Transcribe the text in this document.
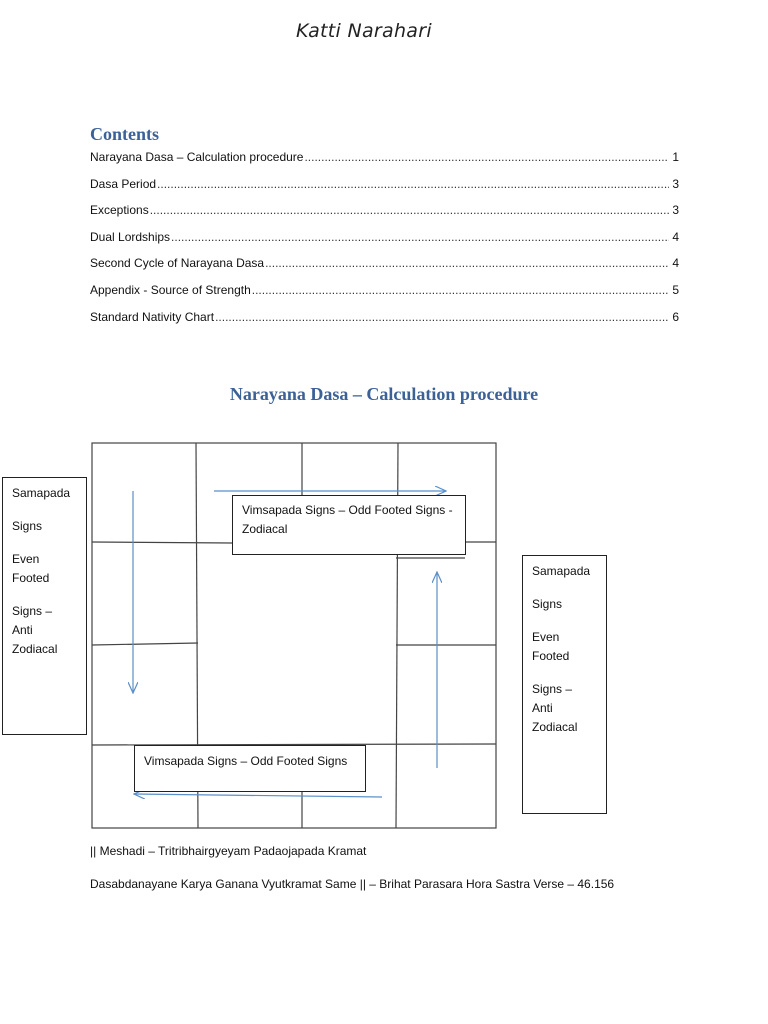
Katti Narahari
Contents
Narayana Dasa – Calculation procedure .....	1
Dasa Period .....	3
Exceptions .....	3
Dual Lordships .....	4
Second Cycle of Narayana Dasa .....	4
Appendix - Source of Strength .....	5
Standard Nativity Chart .....	6
Narayana Dasa – Calculation procedure

Samapada

Signs

Even

Footed

Signs –

Anti

Zodiacal

Samapada

Signs

Even

Footed

Signs –

Anti

Zodiacal

Vimsapada Signs – Odd Footed Signs -
Zodiacal
Vimsapada Signs – Odd Footed Signs
|| Meshadi – Tritribhairgyeyam Padaojapada Kramat
Dasabdanayane Karya Ganana Vyutkramat Same || – Brihat Parasara Hora Sastra Verse – 46.156
